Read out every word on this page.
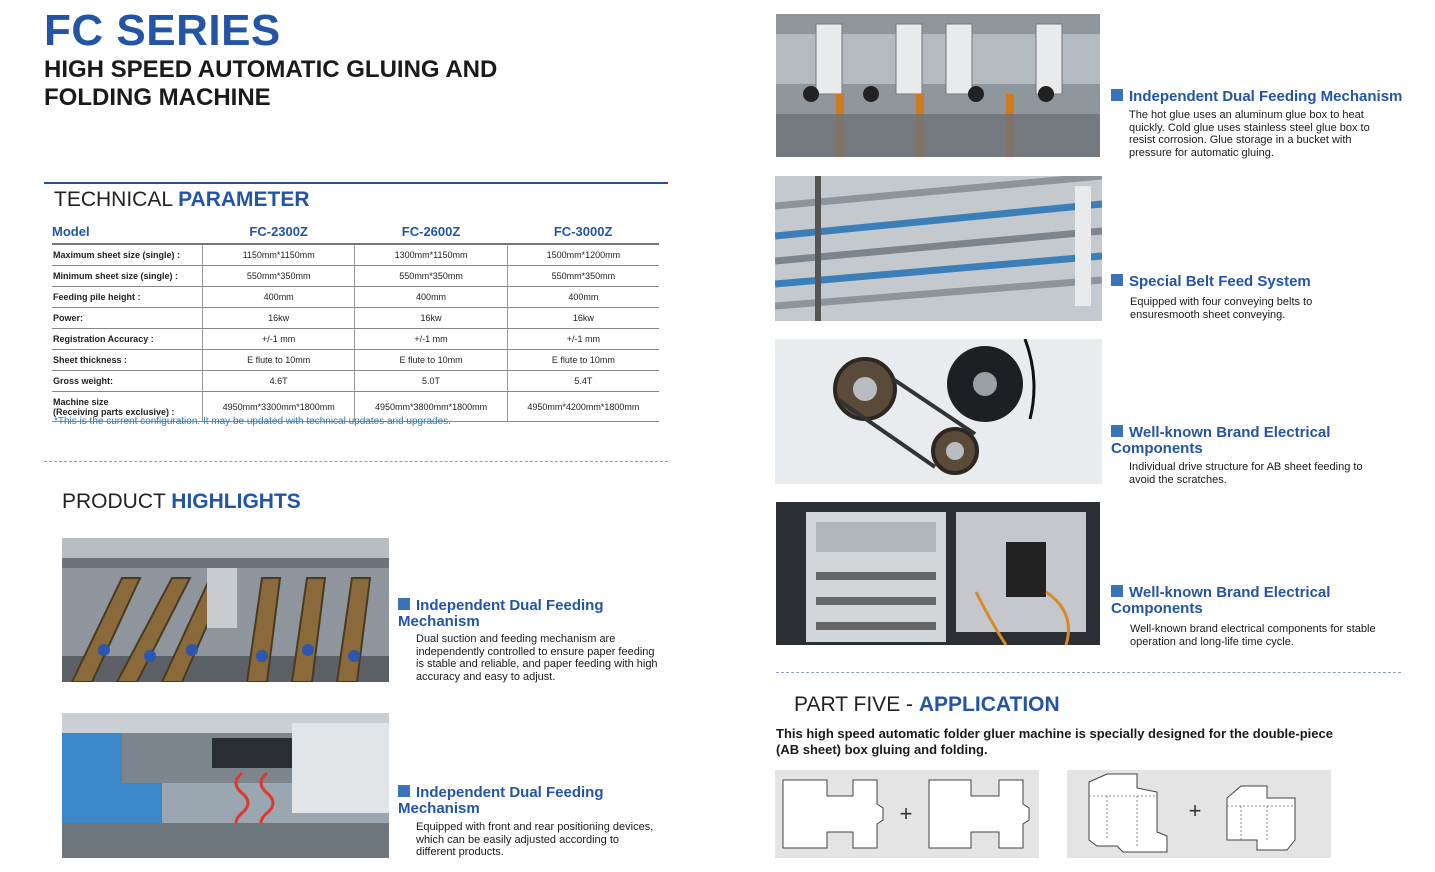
FC SERIES
HIGH SPEED AUTOMATIC GLUING AND FOLDING MACHINE
TECHNICAL PARAMETER
Model	FC-2300Z	FC-2600Z	FC-3000Z
Maximum sheet size (single) :	1150mm*1150mm	1300mm*1150mm	1500mm*1200mm
Minimum sheet size (single) :	550mm*350mm	550mm*350mm	550mm*350mm
Feeding pile height :	400mm	400mm	400mm
Power:	16kw	16kw	16kw
Registration Accuracy :	+/-1 mm	+/-1 mm	+/-1 mm
Sheet thickness :	E flute to 10mm	E flute to 10mm	E flute to 10mm
Gross weight:	4.6T	5.0T	5.4T
Machine size
(Receiving parts exclusive) :	4950mm*3300mm*1800mm	4950mm*3800mm*1800mm	4950mm*4200mm*1800mm
*This is the current configuration. It may be updated with technical updates and upgrades.
PRODUCT HIGHLIGHTS
Independent Dual Feeding Mechanism
Dual suction and feeding mechanism are independently controlled to ensure paper feeding is stable and reliable, and paper feeding with high accuracy and easy to adjust.
Independent Dual Feeding Mechanism
Equipped with front and rear positioning devices, which can be easily adjusted according to different products.
Independent Dual Feeding Mechanism
The hot glue uses an aluminum glue box to heat quickly. Cold glue uses stainless steel glue box to resist corrosion. Glue storage in a bucket with pressure for automatic gluing.
Special Belt Feed System
Equipped with four conveying belts to ensuresmooth sheet conveying.
Well-known Brand Electrical Components
Individual drive structure for AB sheet feeding to avoid the scratches.
Well-known Brand Electrical Components
Well-known brand electrical components for stable operation and long-life time cycle.
PART FIVE - APPLICATION
This high speed automatic folder gluer machine is specially designed for the double-piece (AB sheet) box gluing and folding.
+	+
